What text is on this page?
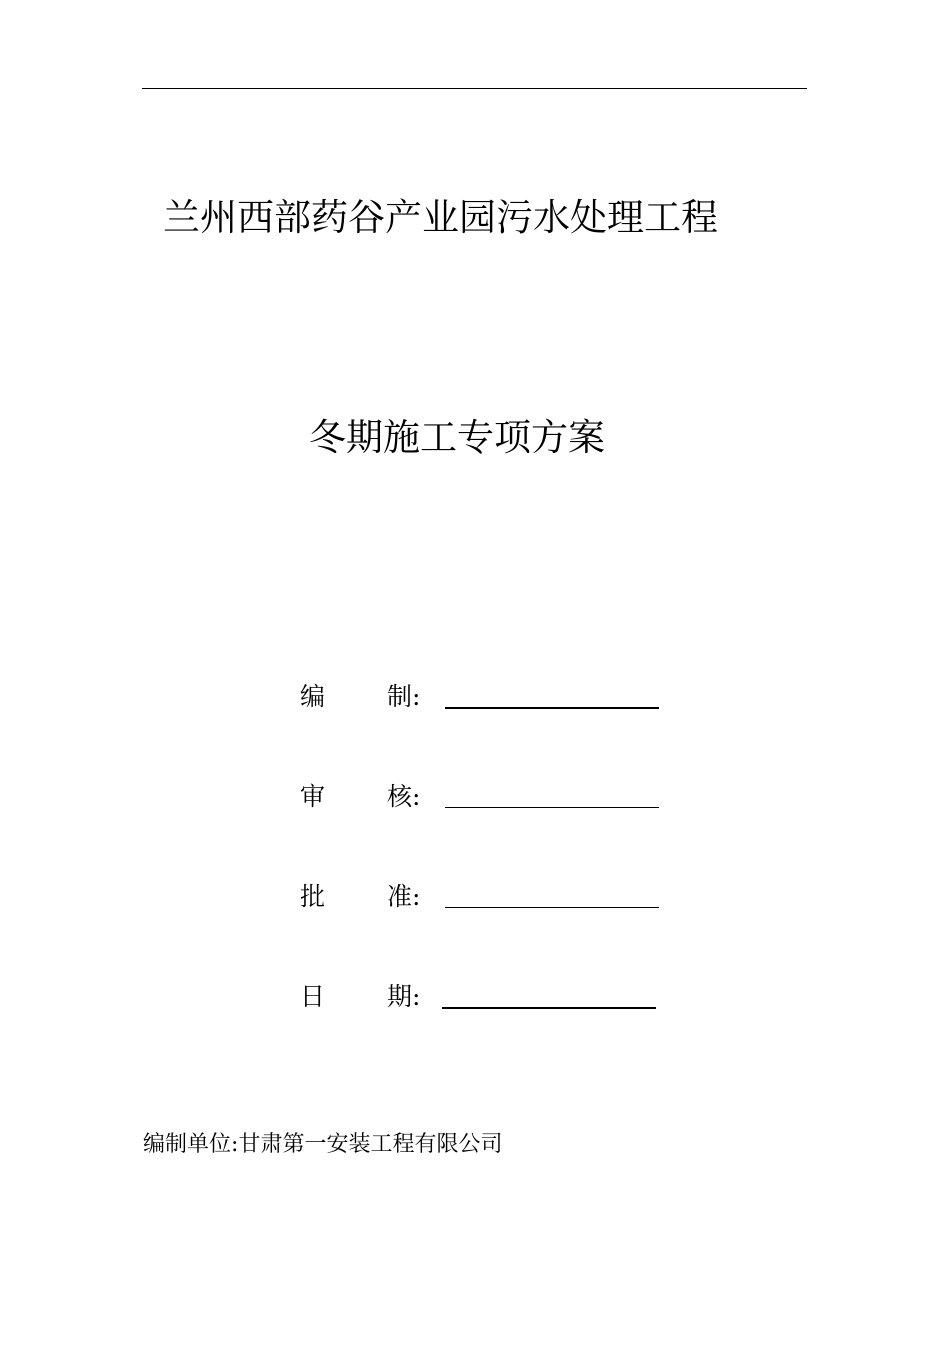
兰州西部药谷产业园污水处理工程
冬期施工专项方案
编 制 :
审 核 :
批 准 :
日 期 :
编制单位:甘肃第一安装工程有限公司
